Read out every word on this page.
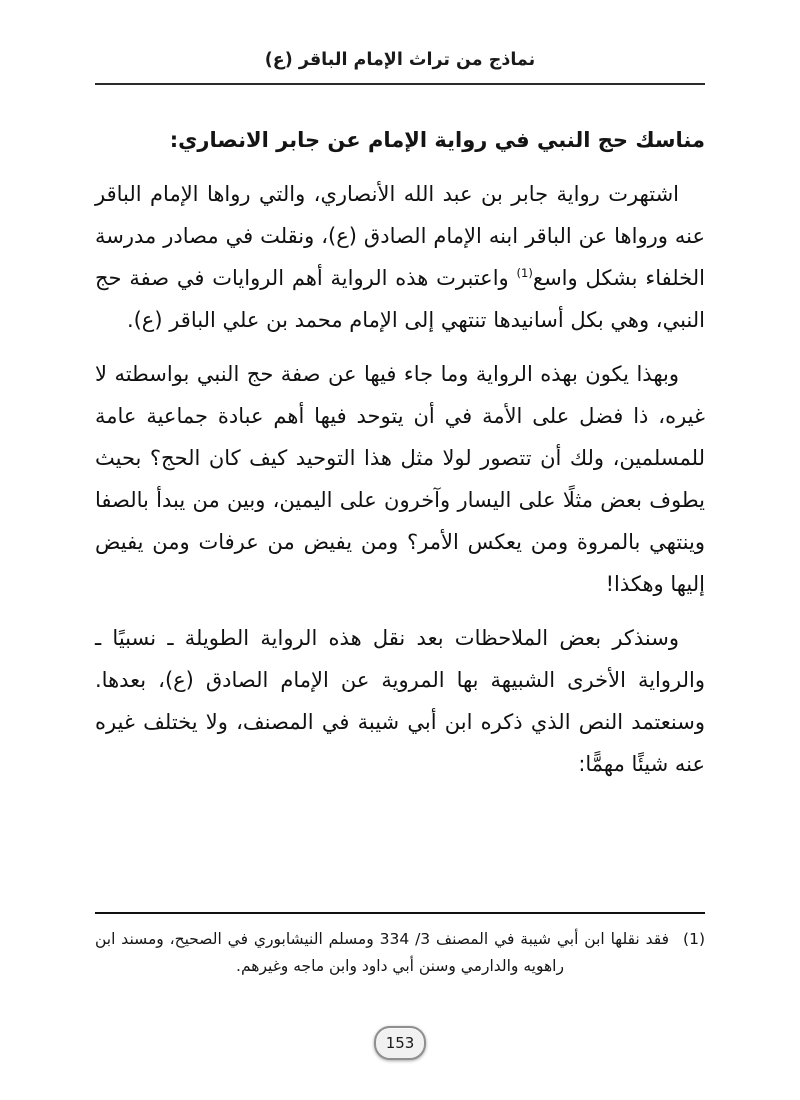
نماذج من تراث الإمام الباقر (ع)
مناسك حج النبي في رواية الإمام عن جابر الانصاري:

اشتهرت رواية جابر بن عبد الله الأنصاري، والتي رواها الإمام الباقر عنه ورواها عن الباقر ابنه الإمام الصادق (ع)، ونقلت في مصادر مدرسة الخلفاء بشكل واسع$^{(1)}$ واعتبرت هذه الرواية أهم الروايات في صفة حج النبي، وهي بكل أسانيدها تنتهي إلى الإمام محمد بن علي الباقر (ع).

وبهذا يكون بهذه الرواية وما جاء فيها عن صفة حج النبي بواسطته لا غيره، ذا فضل على الأمة في أن يتوحد فيها أهم عبادة جماعية عامة للمسلمين، ولك أن تتصور لولا مثل هذا التوحيد كيف كان الحج؟ بحيث يطوف بعض مثلًا على اليسار وآخرون على اليمين، وبين من يبدأ بالصفا وينتهي بالمروة ومن يعكس الأمر؟ ومن يفيض من عرفات ومن يفيض إليها وهكذا!

وسنذكر بعض الملاحظات بعد نقل هذه الرواية الطويلة ـ نسبيًا ـ والرواية الأخرى الشبيهة بها المروية عن الإمام الصادق (ع)، بعدها. وسنعتمد النص الذي ذكره ابن أبي شيبة في المصنف، ولا يختلف غيره عنه شيئًا مهمًّا:

(1)فقد نقلها ابن أبي شيبة في المصنف 3/ 334 ومسلم النيشابوري في الصحيح، ومسند ابن راهويه والدارمي وسنن أبي داود وابن ماجه وغيرهم.
153
